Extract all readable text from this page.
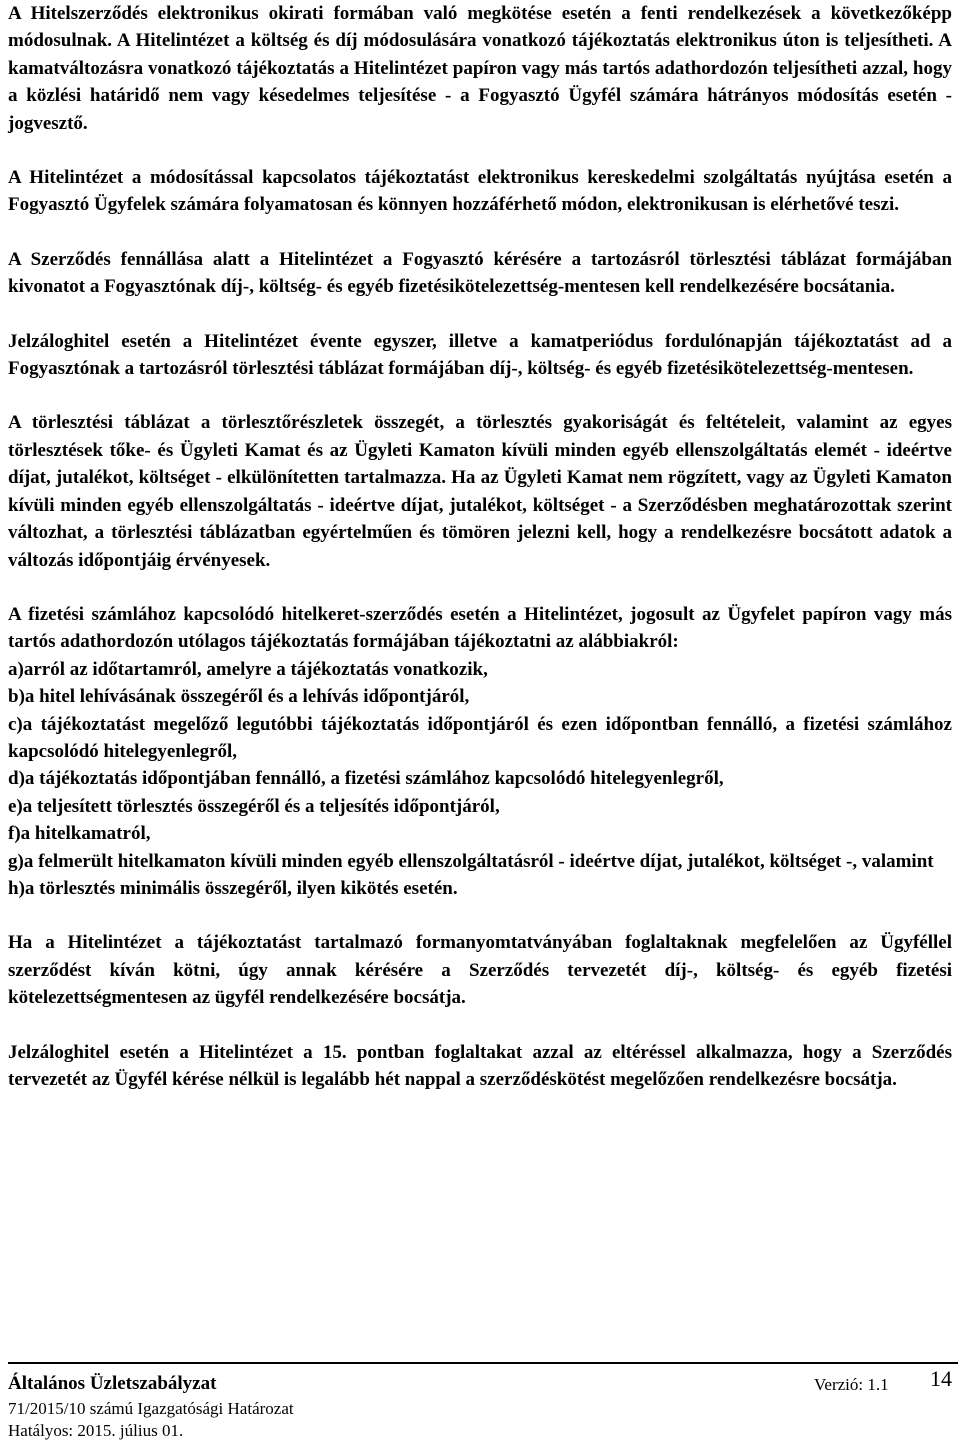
A Hitelszerződés elektronikus okirati formában való megkötése esetén a fenti rendelkezések a következőképp módosulnak. A Hitelintézet a költség és díj módosulására vonatkozó tájékoztatás elektronikus úton is teljesítheti. A kamatváltozásra vonatkozó tájékoztatás a Hitelintézet papíron vagy más tartós adathordozón teljesítheti azzal, hogy a közlési határidő nem vagy késedelmes teljesítése - a Fogyasztó Ügyfél számára hátrányos módosítás esetén - jogvesztő.

A Hitelintézet a módosítással kapcsolatos tájékoztatást elektronikus kereskedelmi szolgáltatás nyújtása esetén a Fogyasztó Ügyfelek számára folyamatosan és könnyen hozzáférhető módon, elektronikusan is elérhetővé teszi.

A Szerződés fennállása alatt a Hitelintézet a Fogyasztó kérésére a tartozásról törlesztési táblázat formájában kivonatot a Fogyasztónak díj-, költség- és egyéb fizetésikötelezettség-mentesen kell rendelkezésére bocsátania.

Jelzáloghitel esetén a Hitelintézet évente egyszer, illetve a kamatperiódus fordulónapján tájékoztatást ad a Fogyasztónak a tartozásról törlesztési táblázat formájában díj-, költség- és egyéb fizetésikötelezettség-mentesen.

A törlesztési táblázat a törlesztőrészletek összegét, a törlesztés gyakoriságát és feltételeit, valamint az egyes törlesztések tőke- és Ügyleti Kamat és az Ügyleti Kamaton kívüli minden egyéb ellenszolgáltatás elemét - ideértve díjat, jutalékot, költséget - elkülönítetten tartalmazza. Ha az Ügyleti Kamat nem rögzített, vagy az Ügyleti Kamaton kívüli minden egyéb ellenszolgáltatás - ideértve díjat, jutalékot, költséget - a Szerződésben meghatározottak szerint változhat, a törlesztési táblázatban egyértelműen és tömören jelezni kell, hogy a rendelkezésre bocsátott adatok a változás időpontjáig érvényesek.

A fizetési számlához kapcsolódó hitelkeret-szerződés esetén a Hitelintézet, jogosult az Ügyfelet papíron vagy más tartós adathordozón utólagos tájékoztatás formájában tájékoztatni az alábbiakról:
a)arról az időtartamról, amelyre a tájékoztatás vonatkozik,
b)a hitel lehívásának összegéről és a lehívás időpontjáról,
c)a tájékoztatást megelőző legutóbbi tájékoztatás időpontjáról és ezen időpontban fennálló, a fizetési számlához kapcsolódó hitelegyenlegről,
d)a tájékoztatás időpontjában fennálló, a fizetési számlához kapcsolódó hitelegyenlegről,
e)a teljesített törlesztés összegéről és a teljesítés időpontjáról,
f)a hitelkamatról,
g)a felmerült hitelkamaton kívüli minden egyéb ellenszolgáltatásról - ideértve díjat, jutalékot, költséget -, valamint
h)a törlesztés minimális összegéről, ilyen kikötés esetén.

Ha a Hitelintézet a tájékoztatást tartalmazó formanyomtatványában foglaltaknak megfelelően az Ügyféllel szerződést kíván kötni, úgy annak kérésére a Szerződés tervezetét díj-, költség- és egyéb fizetési kötelezettségmentesen az ügyfél rendelkezésére bocsátja.

Jelzáloghitel esetén a Hitelintézet a 15. pontban foglaltakat azzal az eltéréssel alkalmazza, hogy a Szerződés tervezetét az Ügyfél kérése nélkül is legalább hét nappal a szerződéskötést megelőzően rendelkezésre bocsátja.

Általános Üzletszabályzat	Verzió: 1.1 14
71/2015/10 számú Igazgatósági Határozat
Hatályos: 2015. július 01.
